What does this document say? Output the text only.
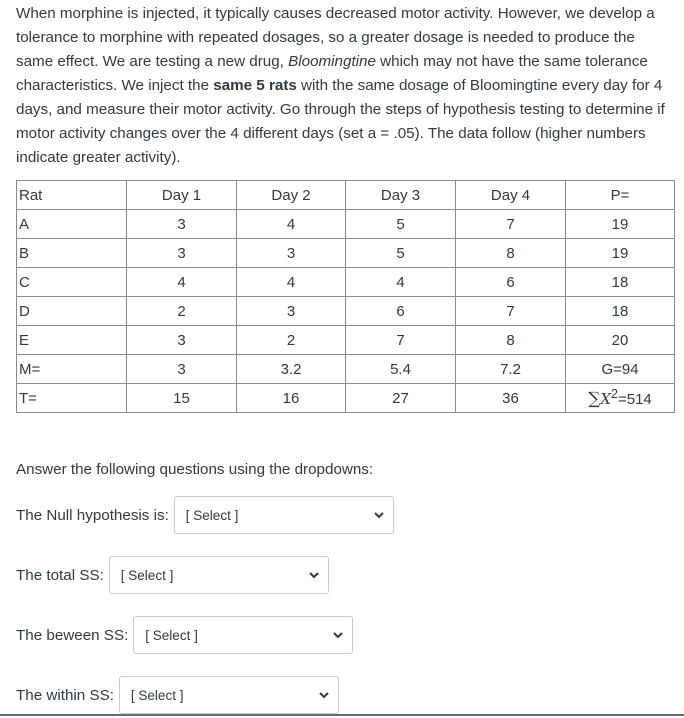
When morphine is injected, it typically causes decreased motor activity. However, we develop a tolerance to morphine with repeated dosages, so a greater dosage is needed to produce the same effect. We are testing a new drug, Bloomingtine which may not have the same tolerance characteristics. We inject the same 5 rats with the same dosage of Bloomingtine every day for 4 days, and measure their motor activity. Go through the steps of hypothesis testing to determine if motor activity changes over the 4 different days (set a = .05). The data follow (higher numbers indicate greater activity).

Rat	Day 1	Day 2	Day 3	Day 4	P=
A	3	4	5	7	19
B	3	3	5	8	19
C	4	4	4	6	18
D	2	3	6	7	18
E	3	2	7	8	20
M=	3	3.2	5.4	7.2	G=94
T=	15	16	27	36	$\sum X^2=514$
Answer the following questions using the dropdowns:
The Null hypothesis is: [ Select ]
The total SS: [ Select ]
The beween SS: [ Select ]
The within SS: [ Select ]
